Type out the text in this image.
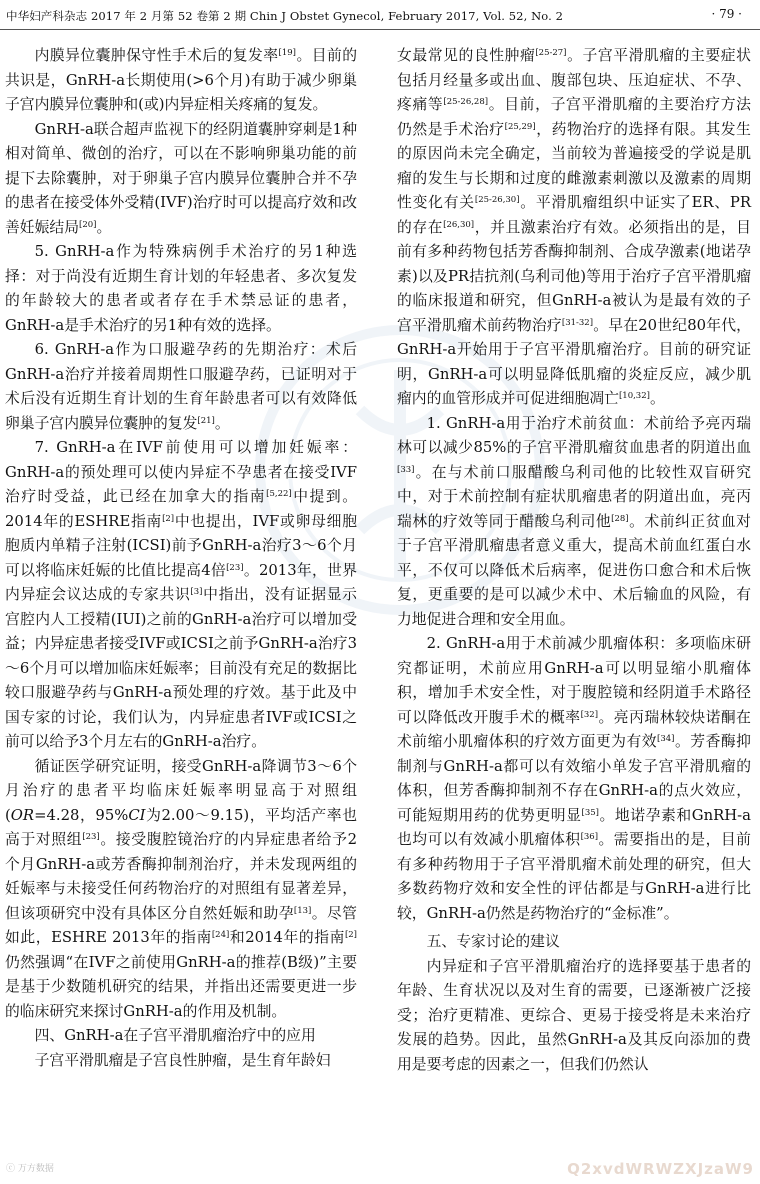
中华妇产科杂志 2017 年 2 月第 52 卷第 2 期 Chin J Obstet Gynecol, February 2017, Vol. 52, No. 2	· 79 ·

内膜异位囊肿保守性手术后的复发率[19]。目前的共识是，GnRH-a长期使用(>6个月)有助于减少卵巢子宫内膜异位囊肿和(或)内异症相关疼痛的复发。

GnRH-a联合超声监视下的经阴道囊肿穿刺是1种相对简单、微创的治疗，可以在不影响卵巢功能的前提下去除囊肿，对于卵巢子宫内膜异位囊肿合并不孕的患者在接受体外受精(IVF)治疗时可以提高疗效和改善妊娠结局[20]。

5. GnRH-a作为特殊病例手术治疗的另1种选择：对于尚没有近期生育计划的年轻患者、多次复发的年龄较大的患者或者存在手术禁忌证的患者，GnRH-a是手术治疗的另1种有效的选择。

6. GnRH-a作为口服避孕药的先期治疗：术后GnRH-a治疗并接着周期性口服避孕药，已证明对于术后没有近期生育计划的生育年龄患者可以有效降低卵巢子宫内膜异位囊肿的复发[21]。

7. GnRH-a在IVF前使用可以增加妊娠率：GnRH-a的预处理可以使内异症不孕患者在接受IVF治疗时受益，此已经在加拿大的指南[5,22]中提到。2014年的ESHRE指南[2]中也提出，IVF或卵母细胞胞质内单精子注射(ICSI)前予GnRH-a治疗3～6个月可以将临床妊娠的比值比提高4倍[23]。2013年，世界内异症会议达成的专家共识[3]中指出，没有证据显示宫腔内人工授精(IUI)之前的GnRH-a治疗可以增加受益；内异症患者接受IVF或ICSI之前予GnRH-a治疗3～6个月可以增加临床妊娠率；目前没有充足的数据比较口服避孕药与GnRH-a预处理的疗效。基于此及中国专家的讨论，我们认为，内异症患者IVF或ICSI之前可以给予3个月左右的GnRH-a治疗。

循证医学研究证明，接受GnRH-a降调节3～6个月治疗的患者平均临床妊娠率明显高于对照组(OR=4.28，95%CI为2.00～9.15)，平均活产率也高于对照组[23]。接受腹腔镜治疗的内异症患者给予2个月GnRH-a或芳香酶抑制剂治疗，并未发现两组的妊娠率与未接受任何药物治疗的对照组有显著差异，但该项研究中没有具体区分自然妊娠和助孕[13]。尽管如此，ESHRE 2013年的指南[24]和2014年的指南[2]仍然强调“在IVF之前使用GnRH-a的推荐(B级)”主要是基于少数随机研究的结果，并指出还需要更进一步的临床研究来探讨GnRH-a的作用及机制。

四、GnRH-a在子宫平滑肌瘤治疗中的应用

子宫平滑肌瘤是子宫良性肿瘤，是生育年龄妇

女最常见的良性肿瘤[25-27]。子宫平滑肌瘤的主要症状包括月经量多或出血、腹部包块、压迫症状、不孕、疼痛等[25-26,28]。目前，子宫平滑肌瘤的主要治疗方法仍然是手术治疗[25,29]，药物治疗的选择有限。其发生的原因尚未完全确定，当前较为普遍接受的学说是肌瘤的发生与长期和过度的雌激素刺激以及激素的周期性变化有关[25-26,30]。平滑肌瘤组织中证实了ER、PR的存在[26,30]，并且激素治疗有效。必须指出的是，目前有多种药物包括芳香酶抑制剂、合成孕激素(地诺孕素)以及PR拮抗剂(乌利司他)等用于治疗子宫平滑肌瘤的临床报道和研究，但GnRH-a被认为是最有效的子宫平滑肌瘤术前药物治疗[31-32]。早在20世纪80年代，GnRH-a开始用于子宫平滑肌瘤治疗。目前的研究证明，GnRH-a可以明显降低肌瘤的炎症反应，减少肌瘤内的血管形成并可促进细胞凋亡[10,32]。

1. GnRH-a用于治疗术前贫血：术前给予亮丙瑞林可以减少85%的子宫平滑肌瘤贫血患者的阴道出血[33]。在与术前口服醋酸乌利司他的比较性双盲研究中，对于术前控制有症状肌瘤患者的阴道出血，亮丙瑞林的疗效等同于醋酸乌利司他[28]。术前纠正贫血对于子宫平滑肌瘤患者意义重大，提高术前血红蛋白水平，不仅可以降低术后病率，促进伤口愈合和术后恢复，更重要的是可以减少术中、术后输血的风险，有力地促进合理和安全用血。

2. GnRH-a用于术前减少肌瘤体积：多项临床研究都证明，术前应用GnRH-a可以明显缩小肌瘤体积，增加手术安全性，对于腹腔镜和经阴道手术路径可以降低改开腹手术的概率[32]。亮丙瑞林较炔诺酮在术前缩小肌瘤体积的疗效方面更为有效[34]。芳香酶抑制剂与GnRH-a都可以有效缩小单发子宫平滑肌瘤的体积，但芳香酶抑制剂不存在GnRH-a的点火效应，可能短期用药的优势更明显[35]。地诺孕素和GnRH-a也均可以有效减小肌瘤体积[36]。需要指出的是，目前有多种药物用于子宫平滑肌瘤术前处理的研究，但大多数药物疗效和安全性的评估都是与GnRH-a进行比较，GnRH-a仍然是药物治疗的“金标准”。

五、专家讨论的建议

内异症和子宫平滑肌瘤治疗的选择要基于患者的年龄、生育状况以及对生育的需要，已逐渐被广泛接受；治疗更精准、更综合、更易于接受将是未来治疗发展的趋势。因此，虽然GnRH-a及其反向添加的费用是要考虑的因素之一，但我们仍然认

ⓒ 万方数据	Q2xvdWRWZXJzaW9
